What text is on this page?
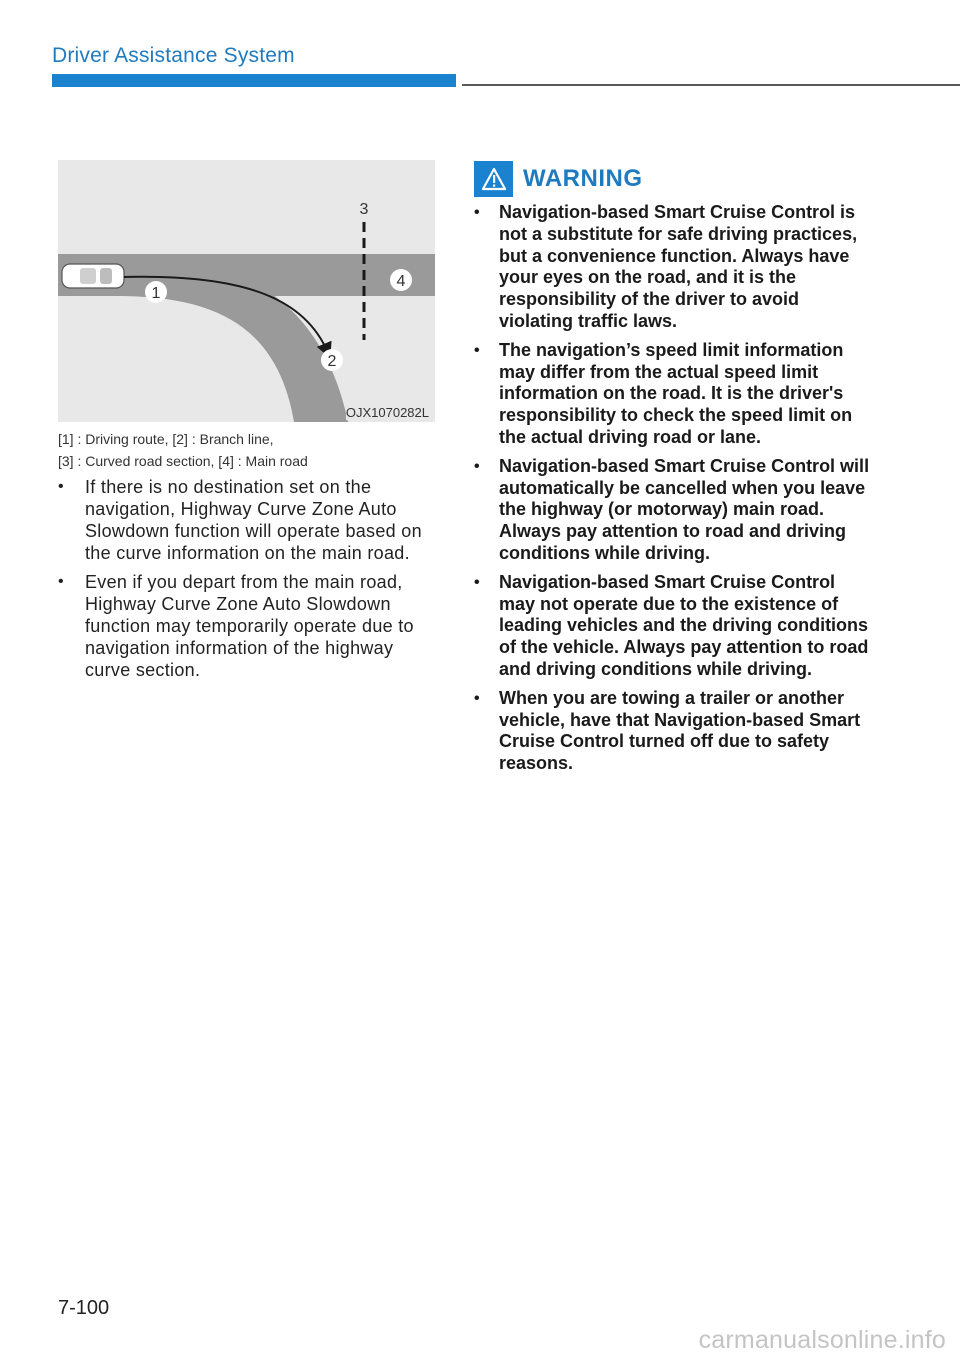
Driver Assistance System
1
2
3
4
OJX1070282L
[1] : Driving route, [2] : Branch line,
[3] : Curved road section, [4] : Main road
• If there is no destination set on the navigation, Highway Curve Zone Auto Slowdown function will operate based on the curve information on the main road.
• Even if you depart from the main road, Highway Curve Zone Auto Slowdown function may temporarily operate due to navigation information of the highway curve section.
WARNING
• Navigation-based Smart Cruise Control is not a substitute for safe driving practices, but a convenience function. Always have your eyes on the road, and it is the responsibility of the driver to avoid violating traffic laws.
• The navigation’s speed limit information may differ from the actual speed limit information on the road. It is the driver's responsibility to check the speed limit on the actual driving road or lane.
• Navigation-based Smart Cruise Control will automatically be cancelled when you leave the highway (or motorway) main road. Always pay attention to road and driving conditions while driving.
• Navigation-based Smart Cruise Control may not operate due to the existence of leading vehicles and the driving conditions of the vehicle. Always pay attention to road and driving conditions while driving.
• When you are towing a trailer or another vehicle, have that Navigation-based Smart Cruise Control turned off due to safety reasons.
7-100
carmanualsonline.info
